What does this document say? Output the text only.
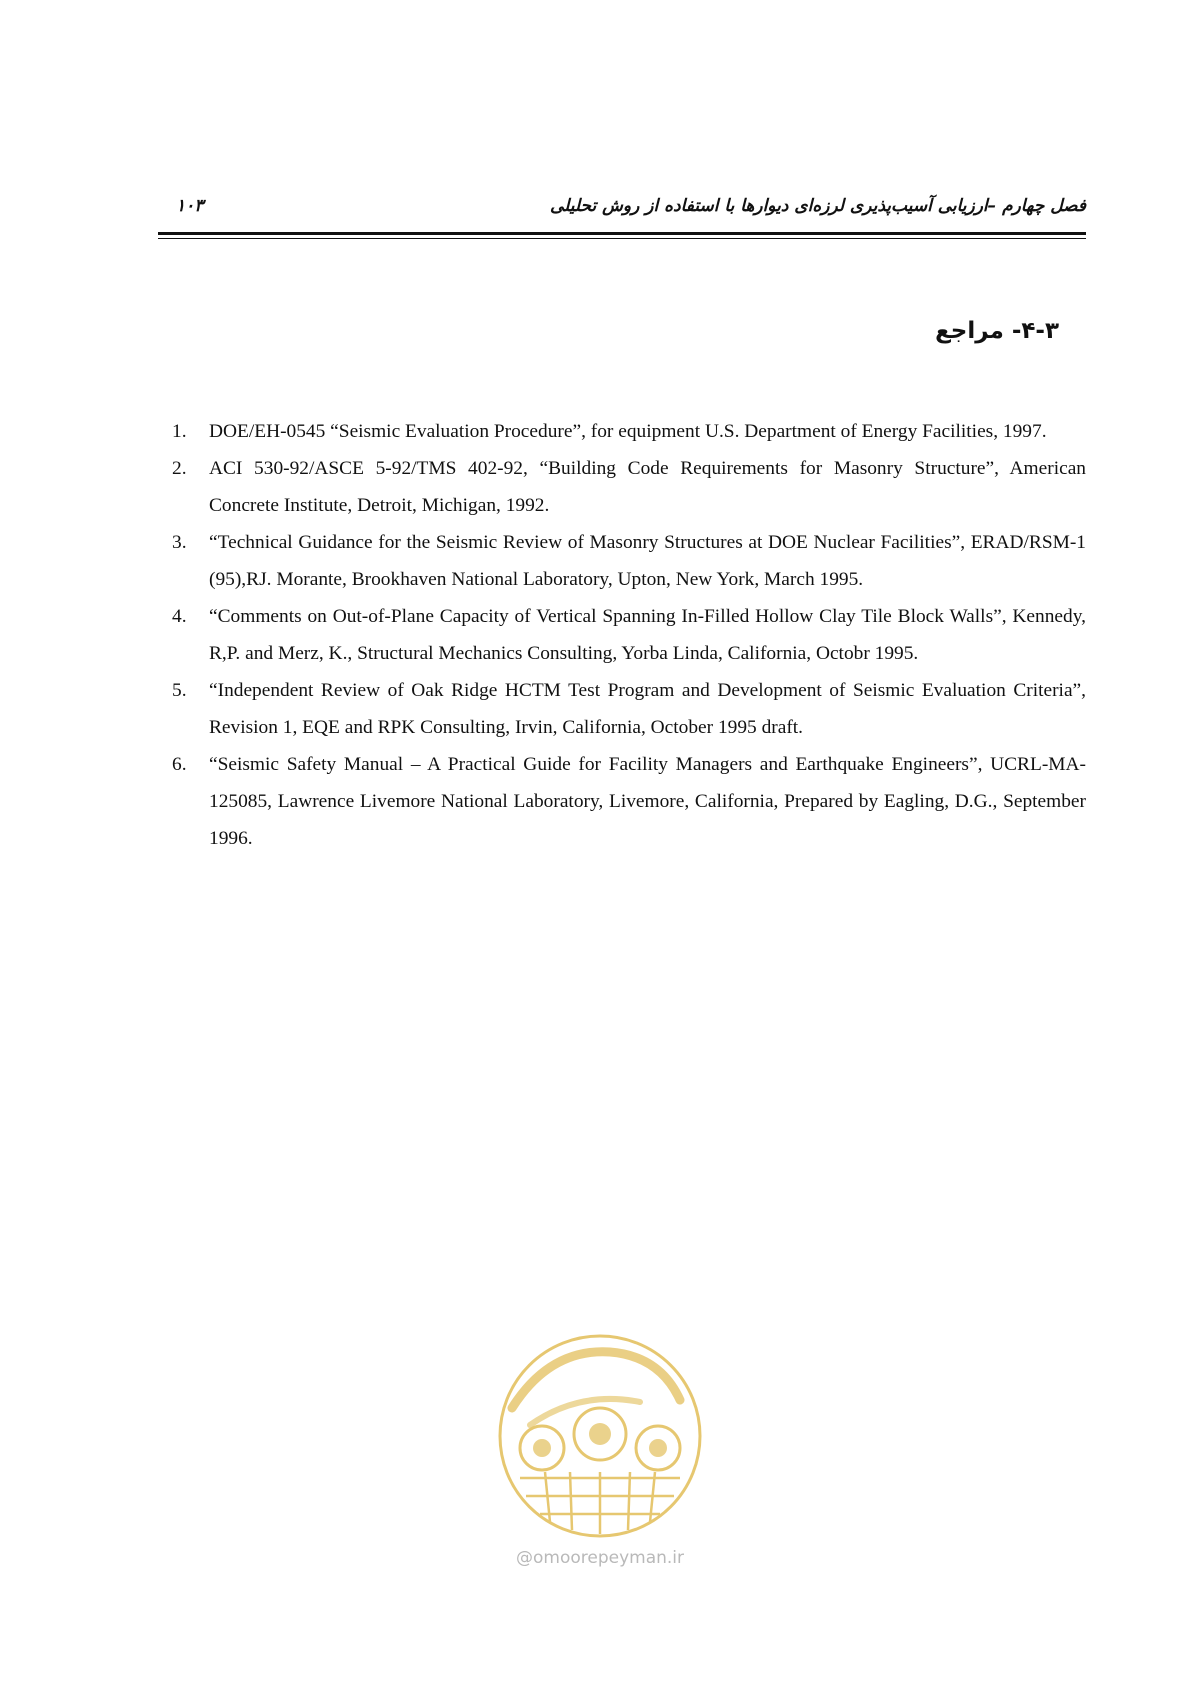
فصل چهارم –ارزیابی آسیب‌پذیری لرزه‌ای دیوارها با استفاده از روش تحلیلی
۱۰۳
۴-۳- مراجع
1. DOE/EH-0545 “Seismic Evaluation Procedure”, for equipment U.S. Department of Energy Facilities, 1997.
2. ACI 530-92/ASCE 5-92/TMS 402-92, “Building Code Requirements for Masonry Structure”, American Concrete Institute, Detroit, Michigan, 1992.
3. “Technical Guidance for the Seismic Review of Masonry Structures at DOE Nuclear Facilities”, ERAD/RSM-1 (95),RJ. Morante, Brookhaven National Laboratory, Upton, New York, March 1995.
4. “Comments on Out-of-Plane Capacity of Vertical Spanning In-Filled Hollow Clay Tile Block Walls”, Kennedy, R,P. and Merz, K., Structural Mechanics Consulting, Yorba Linda, California, Octobr 1995.
5. “Independent Review of Oak Ridge HCTM Test Program and Development of Seismic Evaluation Criteria”, Revision 1, EQE and RPK Consulting, Irvin, California, October 1995 draft.
6. “Seismic Safety Manual – A Practical Guide for Facility Managers and Earthquake Engineers”, UCRL-MA-125085, Lawrence Livemore National Laboratory, Livemore, California, Prepared by Eagling, D.G., September 1996.
@omoorepeyman.ir
